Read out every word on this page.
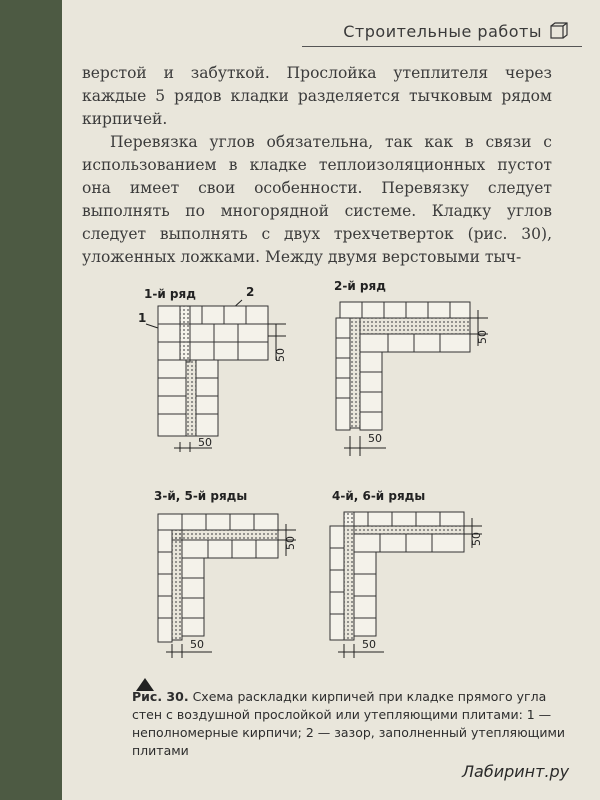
Строительные работы

верстой и забуткой. Прослойка утеплителя через каждые 5 рядов кладки разделяется тычковым рядом кирпичей.

Перевязка углов обязательна, так как в связи с использованием в кладке теплоизоляционных пустот она имеет свои особенности. Перевязку следует выполнять по многорядной системе. Кладку углов следует выполнять с двух трехчетверток (рис. 30), уложенных ложками. Между двумя верстовыми тыч-

1-й ряд
1
2
50
50
2-й ряд
50
50
3-й, 5-й ряды
50
50
4-й, 6-й ряды
50
50
Рис. 30. Схема раскладки кирпичей при кладке прямого угла стен с воздушной прослойкой или утепляющими плитами: 1 — неполномерные кирпичи; 2 — зазор, заполненный утепляющими плитами
Лабиринт.ру
